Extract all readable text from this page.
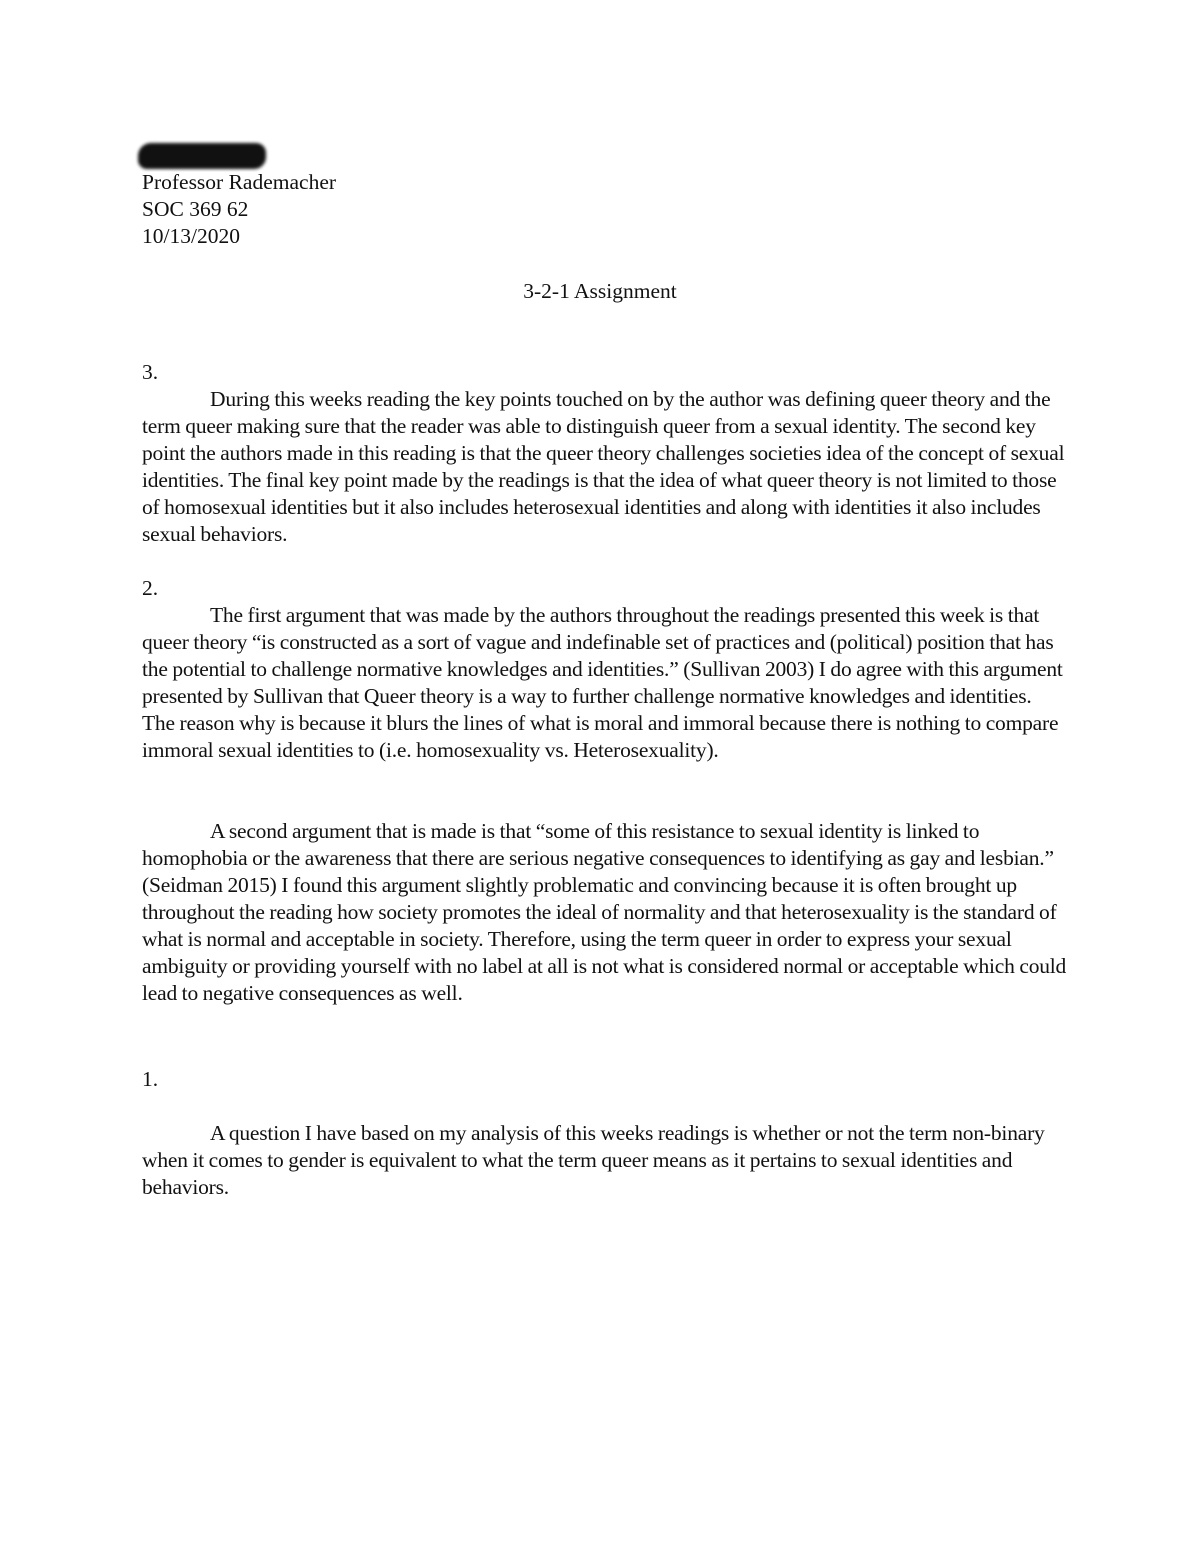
Professor Rademacher
SOC 369 62
10/13/2020
3-2-1 Assignment
3.
During this weeks reading the key points touched on by the author was defining queer theory and the term queer making sure that the reader was able to distinguish queer from a sexual identity. The second key point the authors made in this reading is that the queer theory challenges societies idea of the concept of sexual identities. The final key point made by the readings is that the idea of what queer theory is not limited to those of homosexual identities but it also includes heterosexual identities and along with identities it also includes sexual behaviors.
2.
The first argument that was made by the authors throughout the readings presented this week is that queer theory “is constructed as a sort of vague and indefinable set of practices and (political) position that has the potential to challenge normative knowledges and identities.” (Sullivan 2003) I do agree with this argument presented by Sullivan that Queer theory is a way to further challenge normative knowledges and identities. The reason why is because it blurs the lines of what is moral and immoral because there is nothing to compare immoral sexual identities to (i.e. homosexuality vs. Heterosexuality).
A second argument that is made is that “some of this resistance to sexual identity is linked to homophobia or the awareness that there are serious negative consequences to identifying as gay and lesbian.” (Seidman 2015) I found this argument slightly problematic and convincing because it is often brought up throughout the reading how society promotes the ideal of normality and that heterosexuality is the standard of what is normal and acceptable in society. Therefore, using the term queer in order to express your sexual ambiguity or providing yourself with no label at all is not what is considered normal or acceptable which could lead to negative consequences as well.
1.
A question I have based on my analysis of this weeks readings is whether or not the term non-binary when it comes to gender is equivalent to what the term queer means as it pertains to sexual identities and behaviors.
